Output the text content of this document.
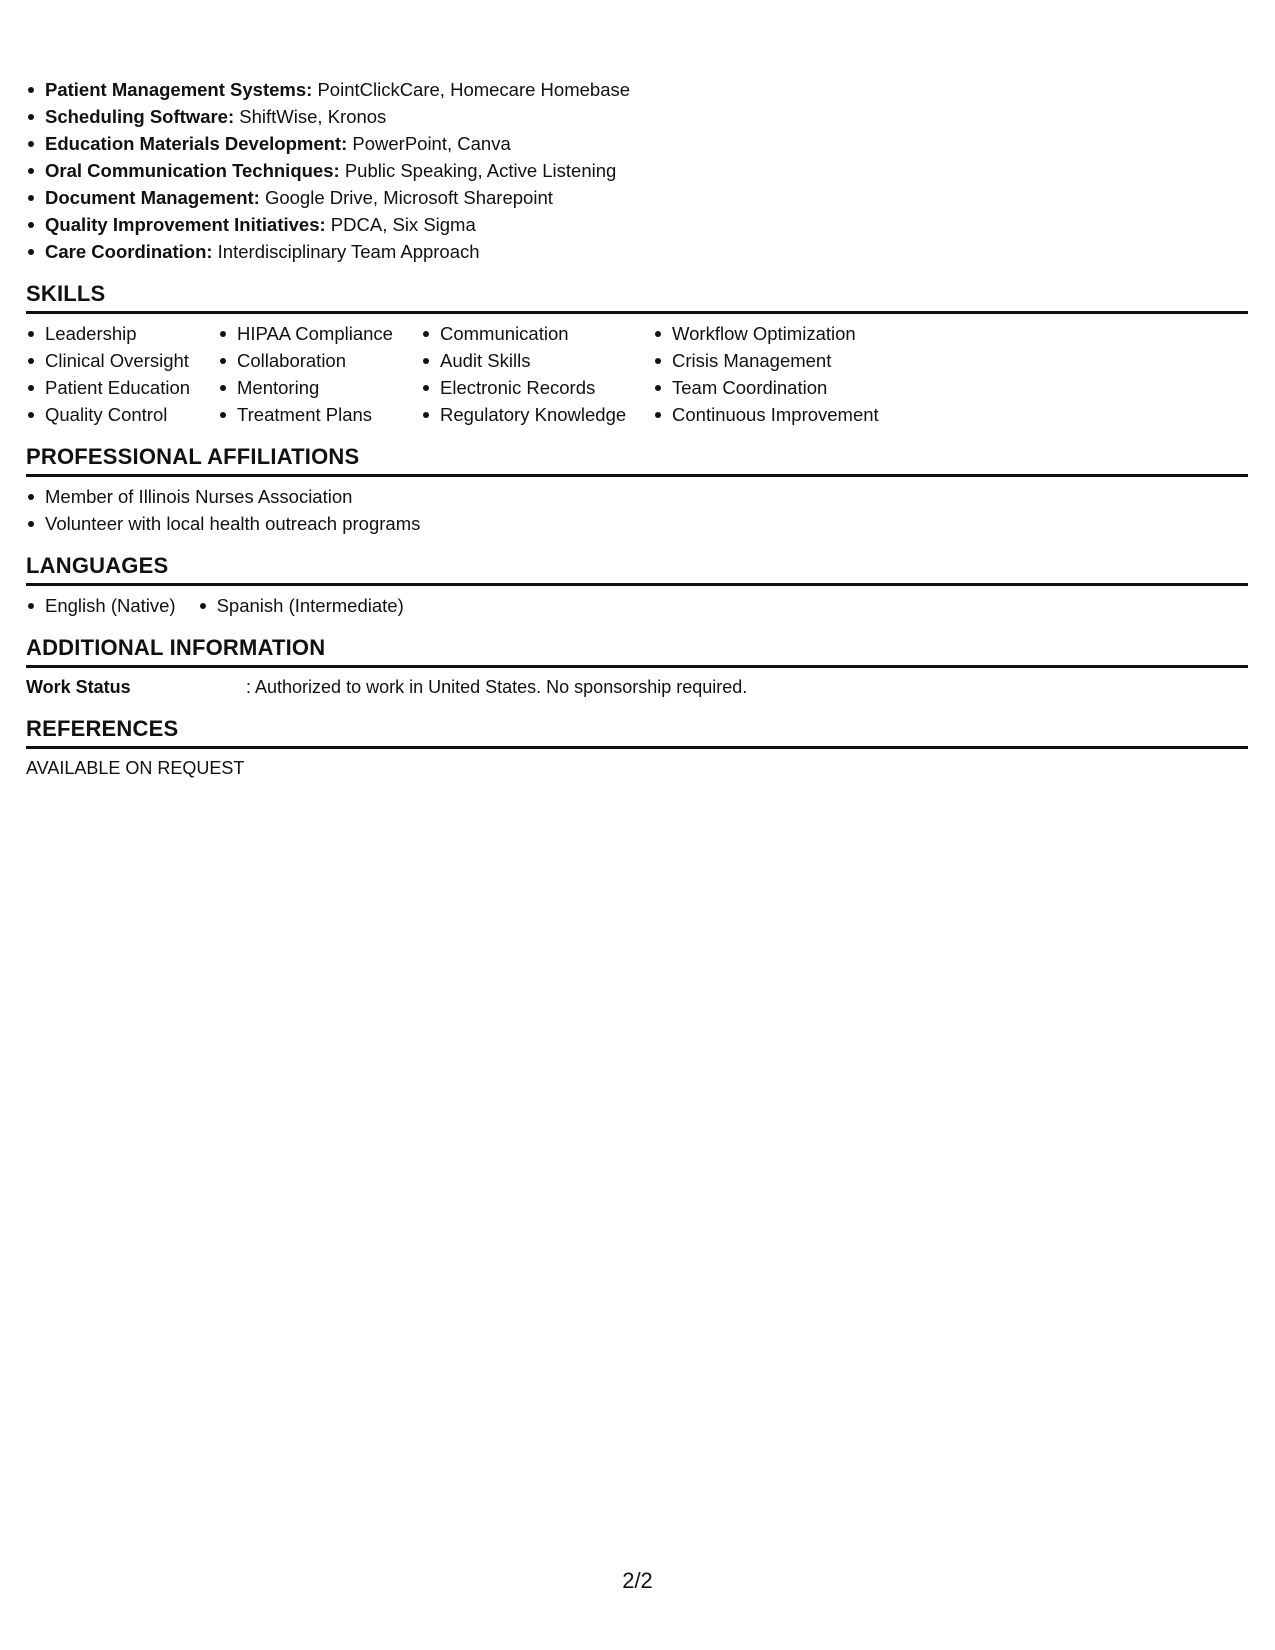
Patient Management Systems: PointClickCare, Homecare Homebase
Scheduling Software: ShiftWise, Kronos
Education Materials Development: PowerPoint, Canva
Oral Communication Techniques: Public Speaking, Active Listening
Document Management: Google Drive, Microsoft Sharepoint
Quality Improvement Initiatives: PDCA, Six Sigma
Care Coordination: Interdisciplinary Team Approach
SKILLS
Leadership
Clinical Oversight
Patient Education
Quality Control
HIPAA Compliance
Collaboration
Mentoring
Treatment Plans
Communication
Audit Skills
Electronic Records
Regulatory Knowledge
Workflow Optimization
Crisis Management
Team Coordination
Continuous Improvement
PROFESSIONAL AFFILIATIONS
Member of Illinois Nurses Association
Volunteer with local health outreach programs
LANGUAGES
English (Native)	Spanish (Intermediate)
ADDITIONAL INFORMATION
Work Status	: Authorized to work in United States. No sponsorship required.
REFERENCES
AVAILABLE ON REQUEST
2/2
